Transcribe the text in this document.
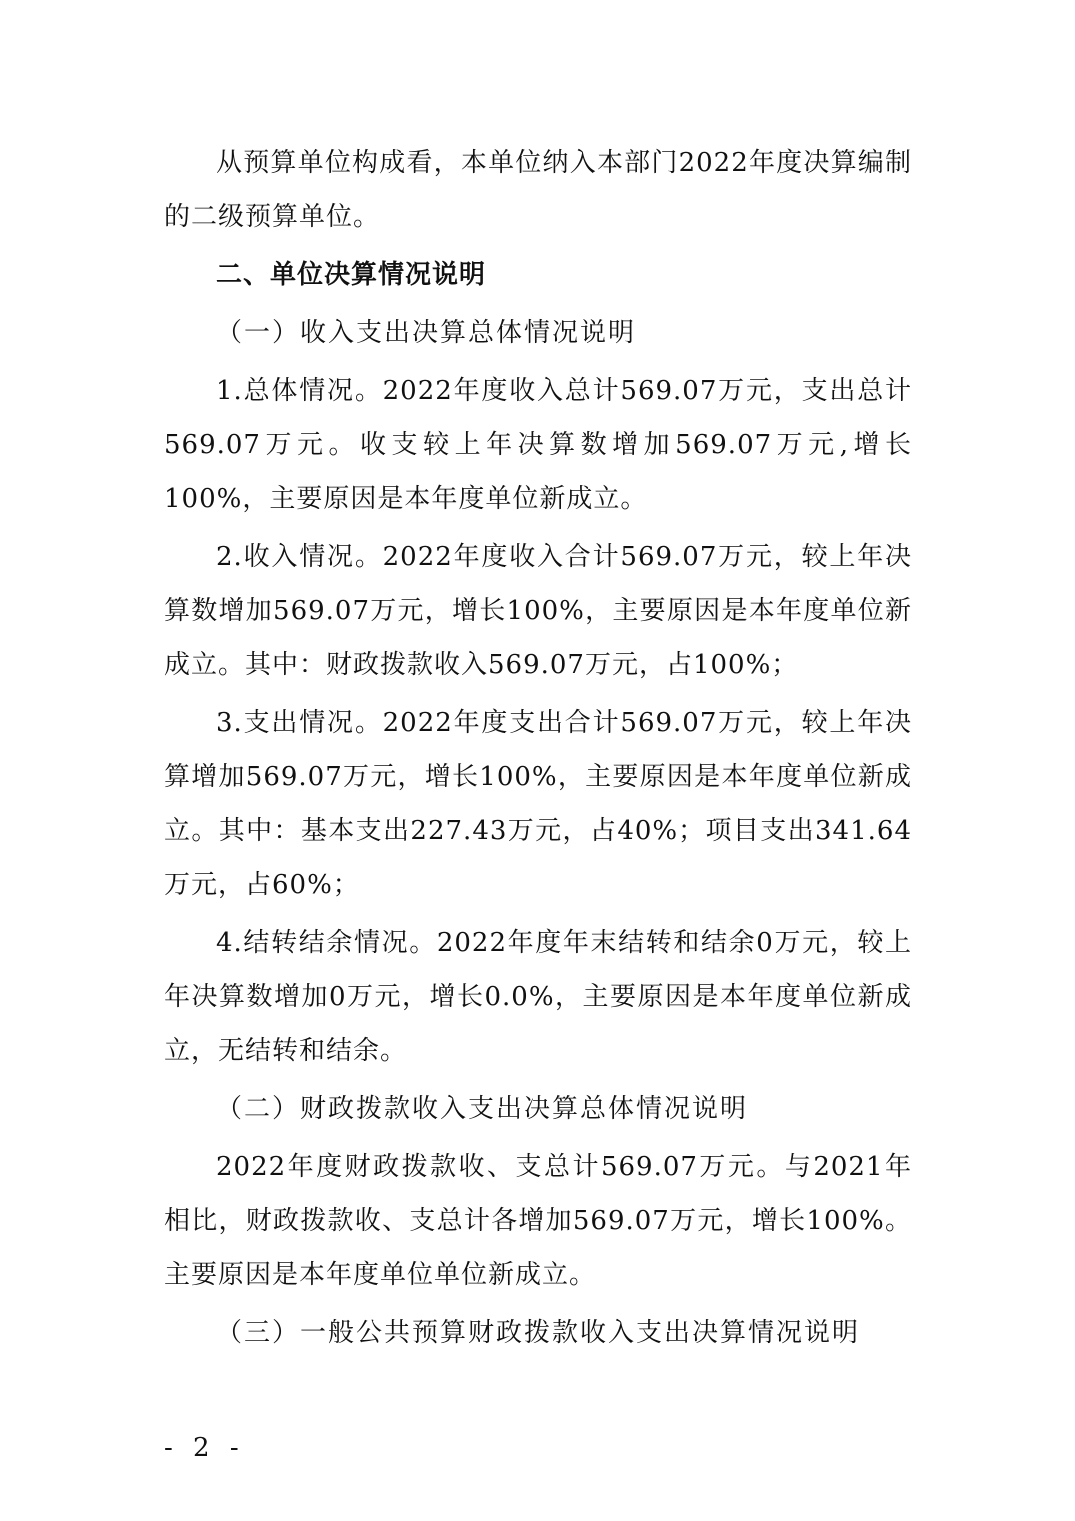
从预算单位构成看，本单位纳入本部门2022年度决算编制的二级预算单位。

二、单位决算情况说明

（一）收入支出决算总体情况说明

1.总体情况。2022年度收入总计569.07万元，支出总计569.07万元。收支较上年决算数增加569.07万元,增长100%，主要原因是本年度单位新成立。

2.收入情况。2022年度收入合计569.07万元，较上年决算数增加569.07万元，增长100%，主要原因是本年度单位新成立。其中：财政拨款收入569.07万元，占100%；

3.支出情况。2022年度支出合计569.07万元，较上年决算增加569.07万元，增长100%，主要原因是本年度单位新成立。其中：基本支出227.43万元，占40%；项目支出341.64万元，占60%；

4.结转结余情况。2022年度年末结转和结余0万元，较上年决算数增加0万元，增长0.0%，主要原因是本年度单位新成立，无结转和结余。

（二）财政拨款收入支出决算总体情况说明

2022年度财政拨款收、支总计569.07万元。与2021年相比，财政拨款收、支总计各增加569.07万元，增长100%。主要原因是本年度单位单位新成立。

（三）一般公共预算财政拨款收入支出决算情况说明

- 2 -
